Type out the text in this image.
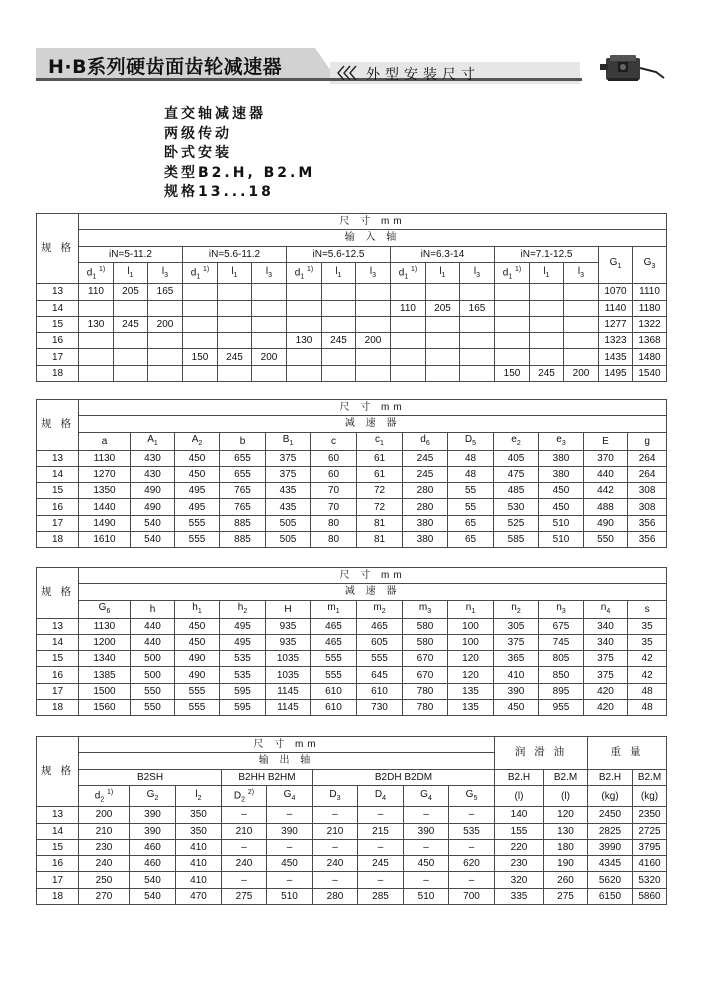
H·B系列硬齿面齿轮减速器	外型安装尺寸
直交轴减速器
两级传动
卧式安装
类型B2.H, B2.M
规格13...18
规 格	尺 寸 mm																
	输 入 轴																
	iN=5-11.2			iN=5.6-11.2			iN=5.6-12.5			iN=6.3-14			iN=7.1-12.5			$G_1$	$G_3$
	$d_1$ $^{1)}$	$l_1$	$l_3$	$d_1$ $^{1)}$	$l_1$	$l_3$	$d_1$ $^{1)}$	$l_1$	$l_3$	$d_1$ $^{1)}$	$l_1$	$l_3$	$d_1$ $^{1)}$	$l_1$	$l_3$
13	110	205	165													1070	1110
14										110	205	165				1140	1180
15	130	245	200													1277	1322
16							130	245	200							1323	1368
17				150	245	200										1435	1480
18													150	245	200	1495	1540
规 格	尺 寸 mm												
	减 速 器												
	a	$A_1$	$A_2$	b	$B_1$	c	$c_1$	$d_6$	$D_5$	$e_2$	$e_3$	E	g
13	1130	430	450	655	375	60	61	245	48	405	380	370	264
14	1270	430	450	655	375	60	61	245	48	475	380	440	264
15	1350	490	495	765	435	70	72	280	55	485	450	442	308
16	1440	490	495	765	435	70	72	280	55	530	450	488	308
17	1490	540	555	885	505	80	81	380	65	525	510	490	356
18	1610	540	555	885	505	80	81	380	65	585	510	550	356
规 格	尺 寸 mm												
	减 速 器												
	$G_6$	h	$h_1$	$h_2$	H	$m_1$	$m_2$	$m_3$	$n_1$	$n_2$	$n_3$	$n_4$	s
13	1130	440	450	495	935	465	465	580	100	305	675	340	35
14	1200	440	450	495	935	465	605	580	100	375	745	340	35
15	1340	500	490	535	1035	555	555	670	120	365	805	375	42
16	1385	500	490	535	1035	555	645	670	120	410	850	375	42
17	1500	550	555	595	1145	610	610	780	135	390	895	420	48
18	1560	550	555	595	1145	610	730	780	135	450	955	420	48
规 格	尺 寸 mm									润 滑 油		重 量	
	输 出 轴												
	B2SH			B2HH B2HM		B2DH B2DM				B2.H	B2.M	B2.H	B2.M
	$d_2$ $^{1)}$	$G_2$	$l_2$	$D_2$ $^{2)}$	$G_4$	$D_3$	$D_4$	$G_4$	$G_5$	(l)	(l)	(kg)	(kg)
13	200	390	350	–	–	–	–	–	–	140	120	2450	2350
14	210	390	350	210	390	210	215	390	535	155	130	2825	2725
15	230	460	410	–	–	–	–	–	–	220	180	3990	3795
16	240	460	410	240	450	240	245	450	620	230	190	4345	4160
17	250	540	410	–	–	–	–	–	–	320	260	5620	5320
18	270	540	470	275	510	280	285	510	700	335	275	6150	5860
